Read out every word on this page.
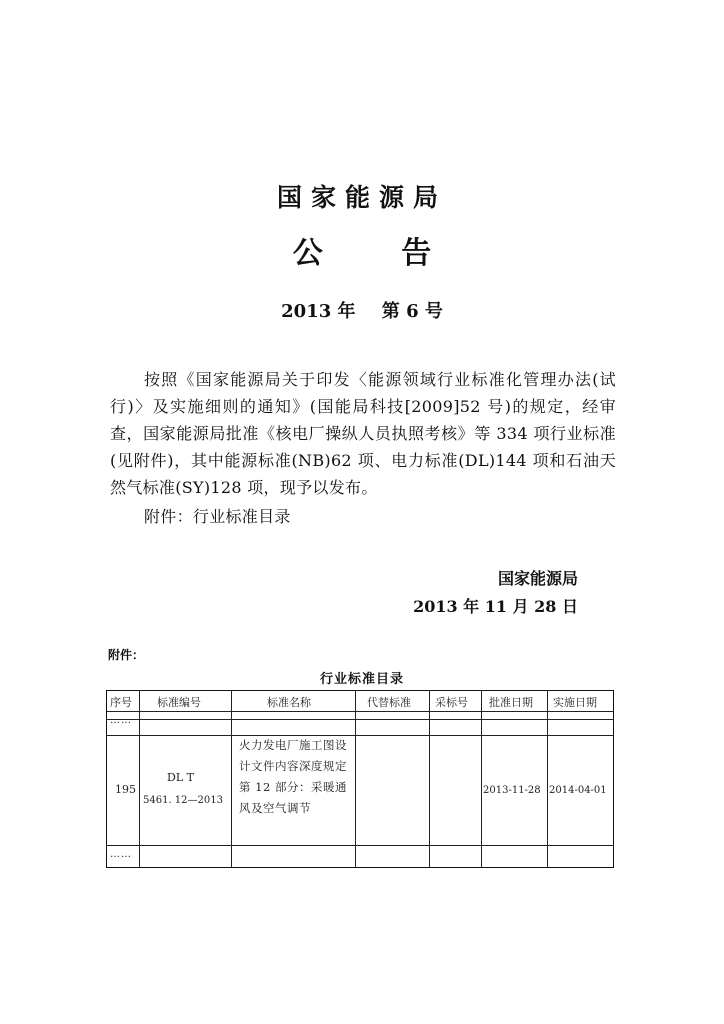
国家能源局
公 告
2013 年 第 6 号
按照《国家能源局关于印发〈能源领域行业标准化管理办法(试行)〉及实施细则的通知》(国能局科技[2009]52 号)的规定，经审查，国家能源局批准《核电厂操纵人员执照考核》等 334 项行业标准(见附件)，其中能源标准(NB)62 项、电力标准(DL)144 项和石油天然气标准(SY)128 项，现予以发布。
附件：行业标准目录
国家能源局
2013 年 11 月 28 日
附件：
行业标准目录
序号 标准编号	标准名称	代替标准 采标号 批准日期 实施日期
……
……
195
DL T
5461. 12—2013
火力发电厂施工图设计文件内容深度规定 第 12 部分：采暖通风及空气调节
2013-11-28 2014-04-01
